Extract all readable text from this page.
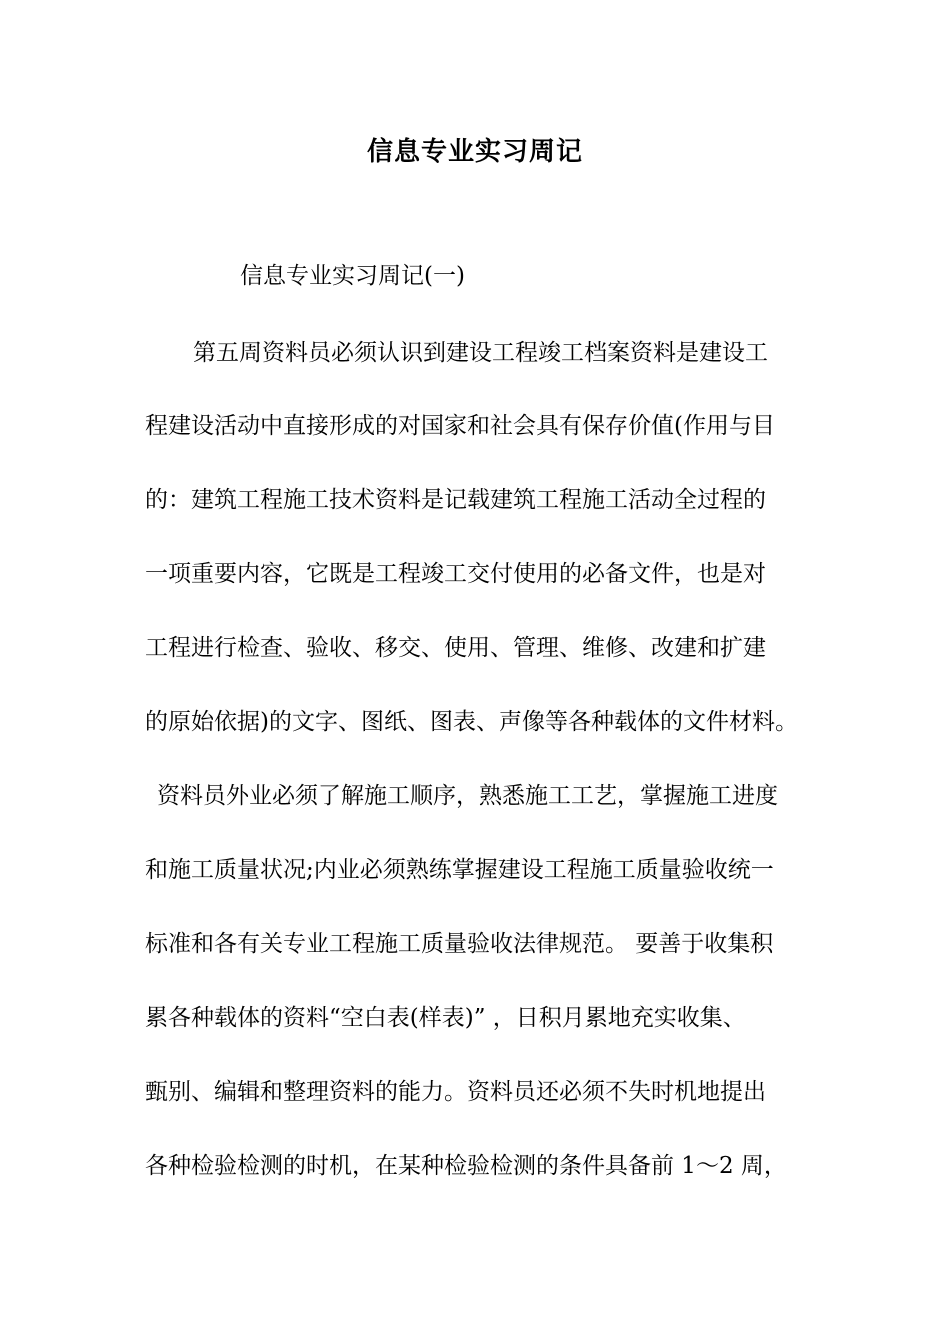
信息专业实习周记
信息专业实习周记(一)
第五周资料员必须认识到建设工程竣工档案资料是建设工
程建设活动中直接形成的对国家和社会具有保存价值(作用与目
的：建筑工程施工技术资料是记载建筑工程施工活动全过程的
一项重要内容，它既是工程竣工交付使用的必备文件，也是对
工程进行检查、验收、移交、使用、管理、维修、改建和扩建
的原始依据)的文字、图纸、图表、声像等各种载体的文件材料。
资料员外业必须了解施工顺序，熟悉施工工艺，掌握施工进度
和施工质量状况;内业必须熟练掌握建设工程施工质量验收统一
标准和各有关专业工程施工质量验收法律规范。 要善于收集积
累各种载体的资料“空白表(样表)” ，日积月累地充实收集、
甄别、编辑和整理资料的能力。资料员还必须不失时机地提出
各种检验检测的时机，在某种检验检测的条件具备前 1～2 周，
